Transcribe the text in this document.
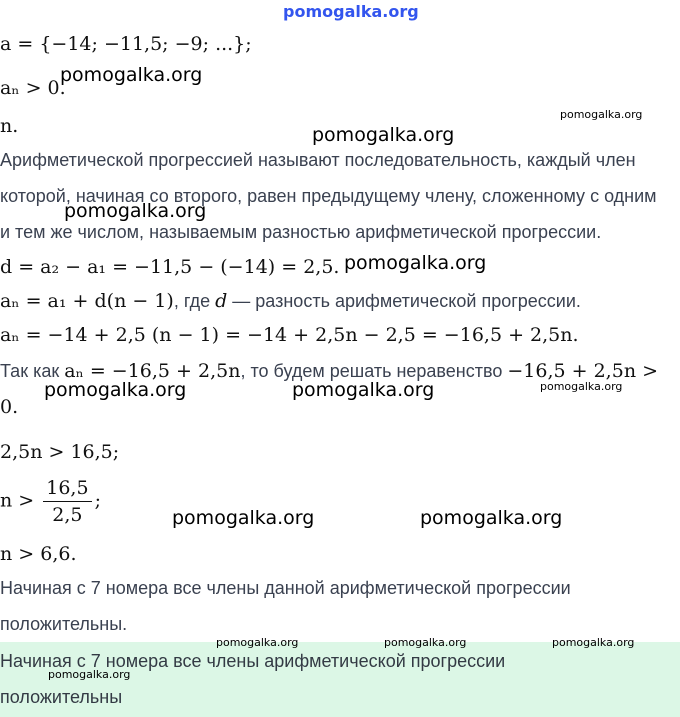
pomogalka.org
a = {−14; −11,5; −9; ...};
aₙ > 0.
n.
Арифметической прогрессией называют последовательность, каждый член
которой, начиная со второго, равен предыдущему члену, сложенному с одним
и тем же числом, называемым разностью арифметической прогрессии.
d = a₂ − a₁ = −11,5 − (−14) = 2,5.
aₙ = a₁ + d(n − 1), где d — разность арифметической прогрессии.
aₙ = −14 + 2,5 (n − 1) = −14 + 2,5n − 2,5 = −16,5 + 2,5n.
Так как aₙ = −16,5 + 2,5n, то будем решать неравенство −16,5 + 2,5n >
0.
2,5n > 16,5;
$n > \frac{16,5}{2,5}$ ;
n > 6,6.
Начиная с 7 номера все члены данной арифметической прогрессии
положительны.
Начиная с 7 номера все члены арифметической прогрессии
положительны
pomogalka.org
pomogalka.org
pomogalka.org
pomogalka.org
pomogalka.org
pomogalka.org	pomogalka.org	pomogalka.org
pomogalka.org	pomogalka.org
pomogalka.org	pomogalka.org	pomogalka.org
pomogalka.org
